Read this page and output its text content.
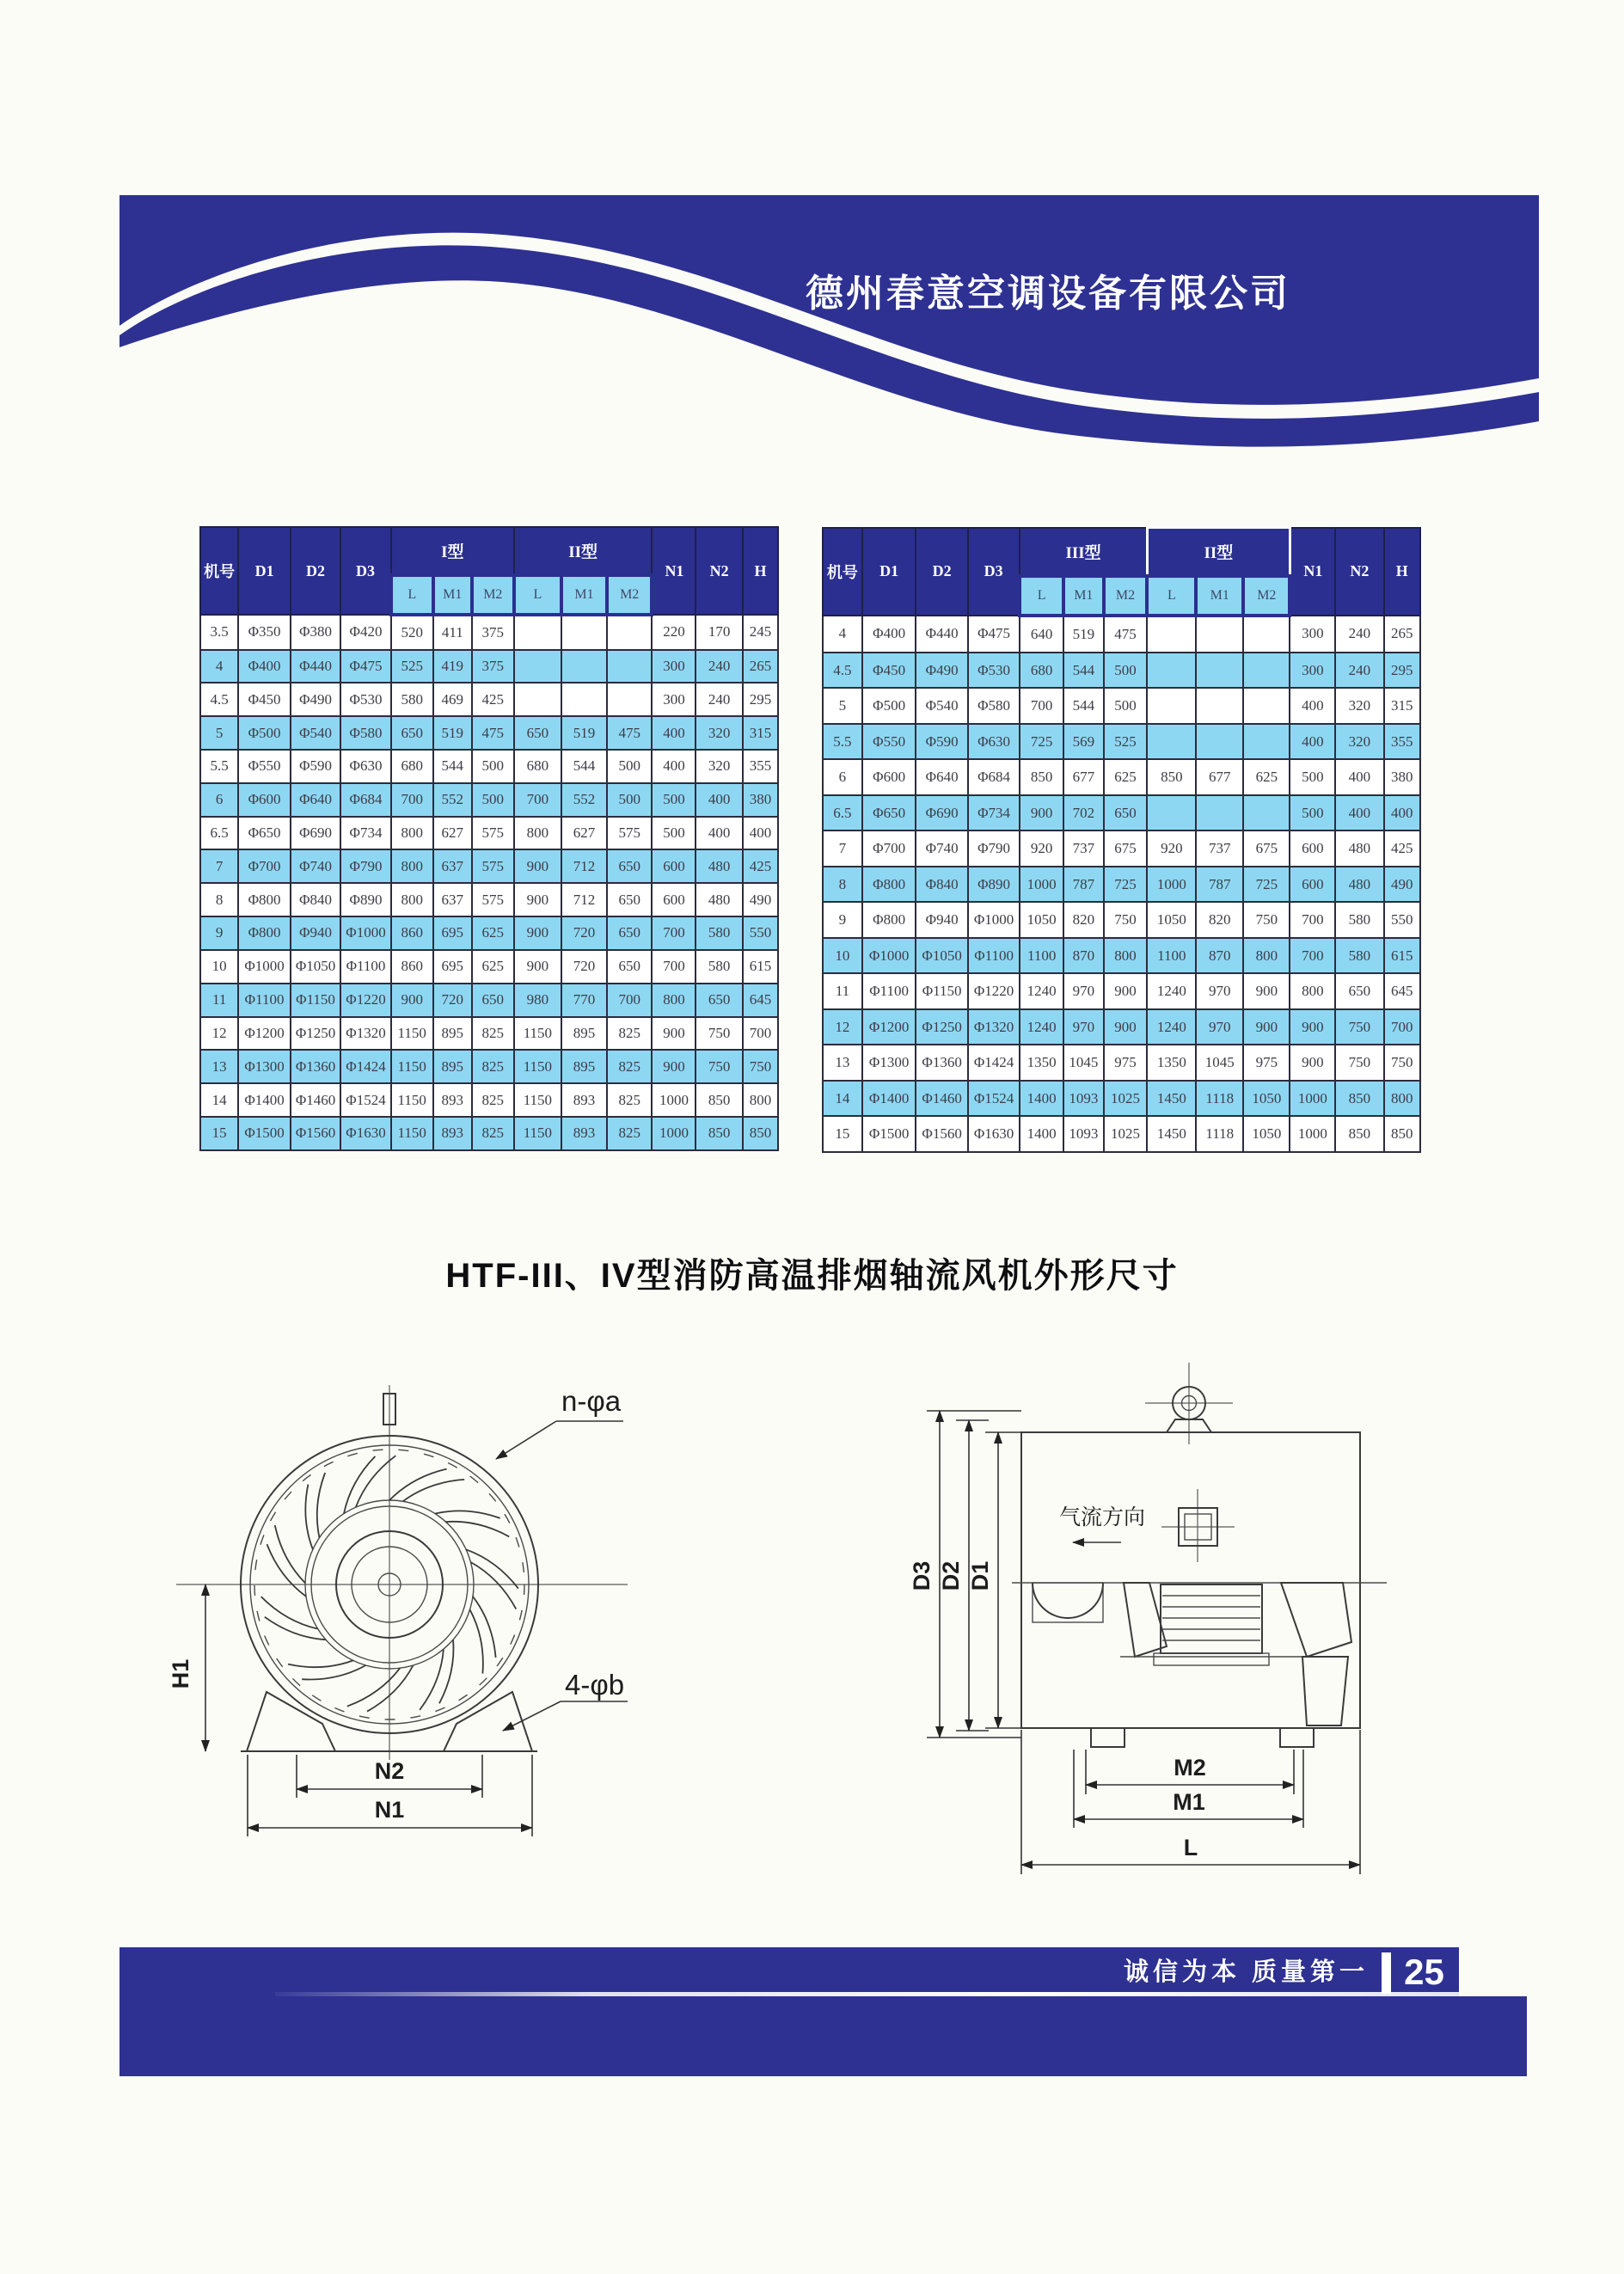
德州春意空调设备有限公司
机号	D1	D2	D3	I型			II型			N1	N2	H
				L	M1	M2	L	M1	M2			
3.5	Φ350	Φ380	Φ420	520	411	375				220	170	245
4	Φ400	Φ440	Φ475	525	419	375				300	240	265
4.5	Φ450	Φ490	Φ530	580	469	425				300	240	295
5	Φ500	Φ540	Φ580	650	519	475	650	519	475	400	320	315
5.5	Φ550	Φ590	Φ630	680	544	500	680	544	500	400	320	355
6	Φ600	Φ640	Φ684	700	552	500	700	552	500	500	400	380
6.5	Φ650	Φ690	Φ734	800	627	575	800	627	575	500	400	400
7	Φ700	Φ740	Φ790	800	637	575	900	712	650	600	480	425
8	Φ800	Φ840	Φ890	800	637	575	900	712	650	600	480	490
9	Φ800	Φ940	Φ1000	860	695	625	900	720	650	700	580	550
10	Φ1000	Φ1050	Φ1100	860	695	625	900	720	650	700	580	615
11	Φ1100	Φ1150	Φ1220	900	720	650	980	770	700	800	650	645
12	Φ1200	Φ1250	Φ1320	1150	895	825	1150	895	825	900	750	700
13	Φ1300	Φ1360	Φ1424	1150	895	825	1150	895	825	900	750	750
14	Φ1400	Φ1460	Φ1524	1150	893	825	1150	893	825	1000	850	800
15	Φ1500	Φ1560	Φ1630	1150	893	825	1150	893	825	1000	850	850
机号	D1	D2	D3	III型			II型			N1	N2	H
				L	M1	M2	L	M1	M2			
4	Φ400	Φ440	Φ475	640	519	475				300	240	265
4.5	Φ450	Φ490	Φ530	680	544	500				300	240	295
5	Φ500	Φ540	Φ580	700	544	500				400	320	315
5.5	Φ550	Φ590	Φ630	725	569	525				400	320	355
6	Φ600	Φ640	Φ684	850	677	625	850	677	625	500	400	380
6.5	Φ650	Φ690	Φ734	900	702	650				500	400	400
7	Φ700	Φ740	Φ790	920	737	675	920	737	675	600	480	425
8	Φ800	Φ840	Φ890	1000	787	725	1000	787	725	600	480	490
9	Φ800	Φ940	Φ1000	1050	820	750	1050	820	750	700	580	550
10	Φ1000	Φ1050	Φ1100	1100	870	800	1100	870	800	700	580	615
11	Φ1100	Φ1150	Φ1220	1240	970	900	1240	970	900	800	650	645
12	Φ1200	Φ1250	Φ1320	1240	970	900	1240	970	900	900	750	700
13	Φ1300	Φ1360	Φ1424	1350	1045	975	1350	1045	975	900	750	750
14	Φ1400	Φ1460	Φ1524	1400	1093	1025	1450	1118	1050	1000	850	800
15	Φ1500	Φ1560	Φ1630	1400	1093	1025	1450	1118	1050	1000	850	850
HTF-III、IV型消防高温排烟轴流风机外形尺寸
H1
N2
N1
n-φa
4-φb
气流方向
D3 D2 D1
M2
M1
L
诚信为本 质量第一 25
